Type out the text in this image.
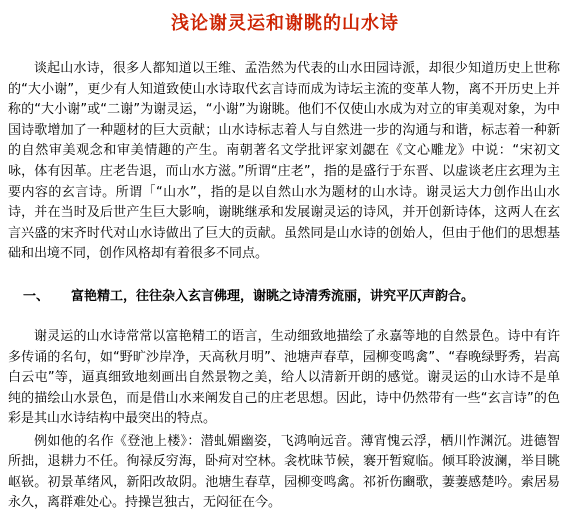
浅论谢灵运和谢眺的山水诗

谈起山水诗，很多人都知道以王维、孟浩然为代表的山水田园诗派，却很少知道历史上世称的“大小谢”，更少有人知道致使山水诗取代玄言诗而成为诗坛主流的变革人物，离不开历史上并称的“大小谢”或“二谢”为谢灵运，“小谢”为谢眺。他们不仅使山水成为对立的审美观对象，为中国诗歌增加了一种题材的巨大贡献；山水诗标志着人与自然进一步的沟通与和谐，标志着一种新的自然审美观念和审美情趣的产生。南朝著名文学批评家刘勰在《文心雕龙》中说：“宋初文咏，体有因革。庄老告退，而山水方滋。”所谓“庄老”，指的是盛行于东晋、以虚谈老庄玄理为主要内容的玄言诗。所谓「“山水”，指的是以自然山水为题材的山水诗。谢灵运大力创作出山水诗，并在当时及后世产生巨大影响，谢眺继承和发展谢灵运的诗风，并开创新诗体，这两人在玄言兴盛的宋齐时代对山水诗做出了巨大的贡献。虽然同是山水诗的创始人，但由于他们的思想基础和出境不同，创作风格却有着很多不同点。

一、 富艳精工，往往杂入玄言佛理，谢眺之诗清秀流丽，讲究平仄声韵合。

谢灵运的山水诗常常以富艳精工的语言，生动细致地描绘了永嘉等地的自然景色。诗中有许多传诵的名句，如“野旷沙岸净，天高秋月明”、池塘声春草，园柳变鸣禽”、“春晚绿野秀，岩高白云屯”等，逼真细致地刻画出自然景物之美，给人以清新开朗的感觉。谢灵运的山水诗不是单纯的描绘山水景色，而是借山水来阐发自己的庄老思想。因此，诗中仍然带有一些“玄言诗”的色彩是其山水诗结构中最突出的特点。

例如他的名作《登池上楼》：潜虬媚幽姿，飞鸿响远音。薄宵愧云浮，栖川怍渊沉。进德智所拙，退耕力不任。徇禄反穷海，卧疴对空林。衾枕昧节候，褰开暂窥临。倾耳聆波澜，举目眺岖嵚。初景革绪风，新阳改故阴。池塘生春草，园柳变鸣禽。祁祈伤豳歌，萋萋感楚吟。索居易永久，离群难处心。持操岂独古，无闷征在今。
